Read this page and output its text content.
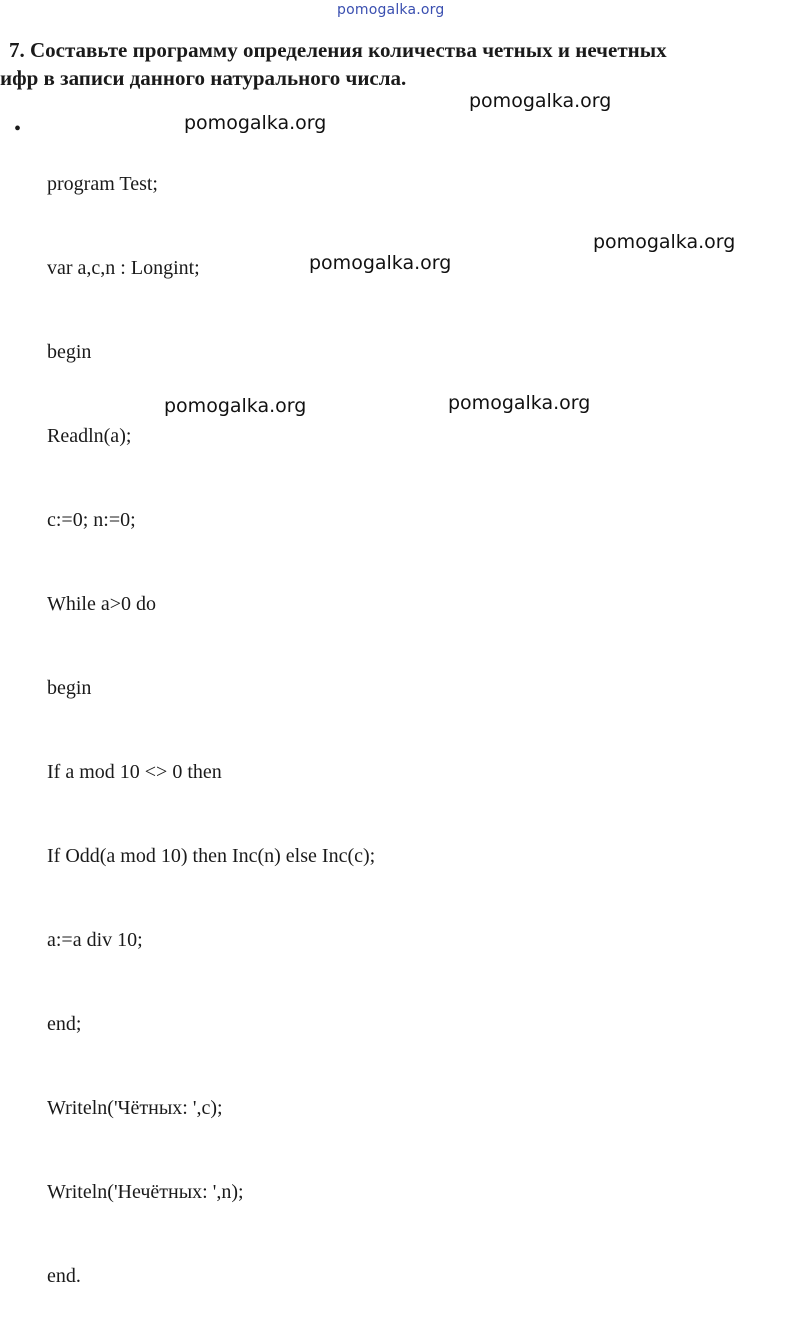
pomogalka.org
7. Составьте программу определения количества четных и нечетных
ифр в записи данного натурального числа.
•

program Test;

var a,c,n : Longint;

begin

Readln(a);

c:=0; n:=0;

While a>0 do

begin

If a mod 10 <> 0 then

If Odd(a mod 10) then Inc(n) else Inc(c);

a:=a div 10;

end;

Writeln('Чётных: ',c);

Writeln('Нечётных: ',n);

end.

pomogalka.org
pomogalka.org
pomogalka.org
pomogalka.org
pomogalka.org	pomogalka.org
